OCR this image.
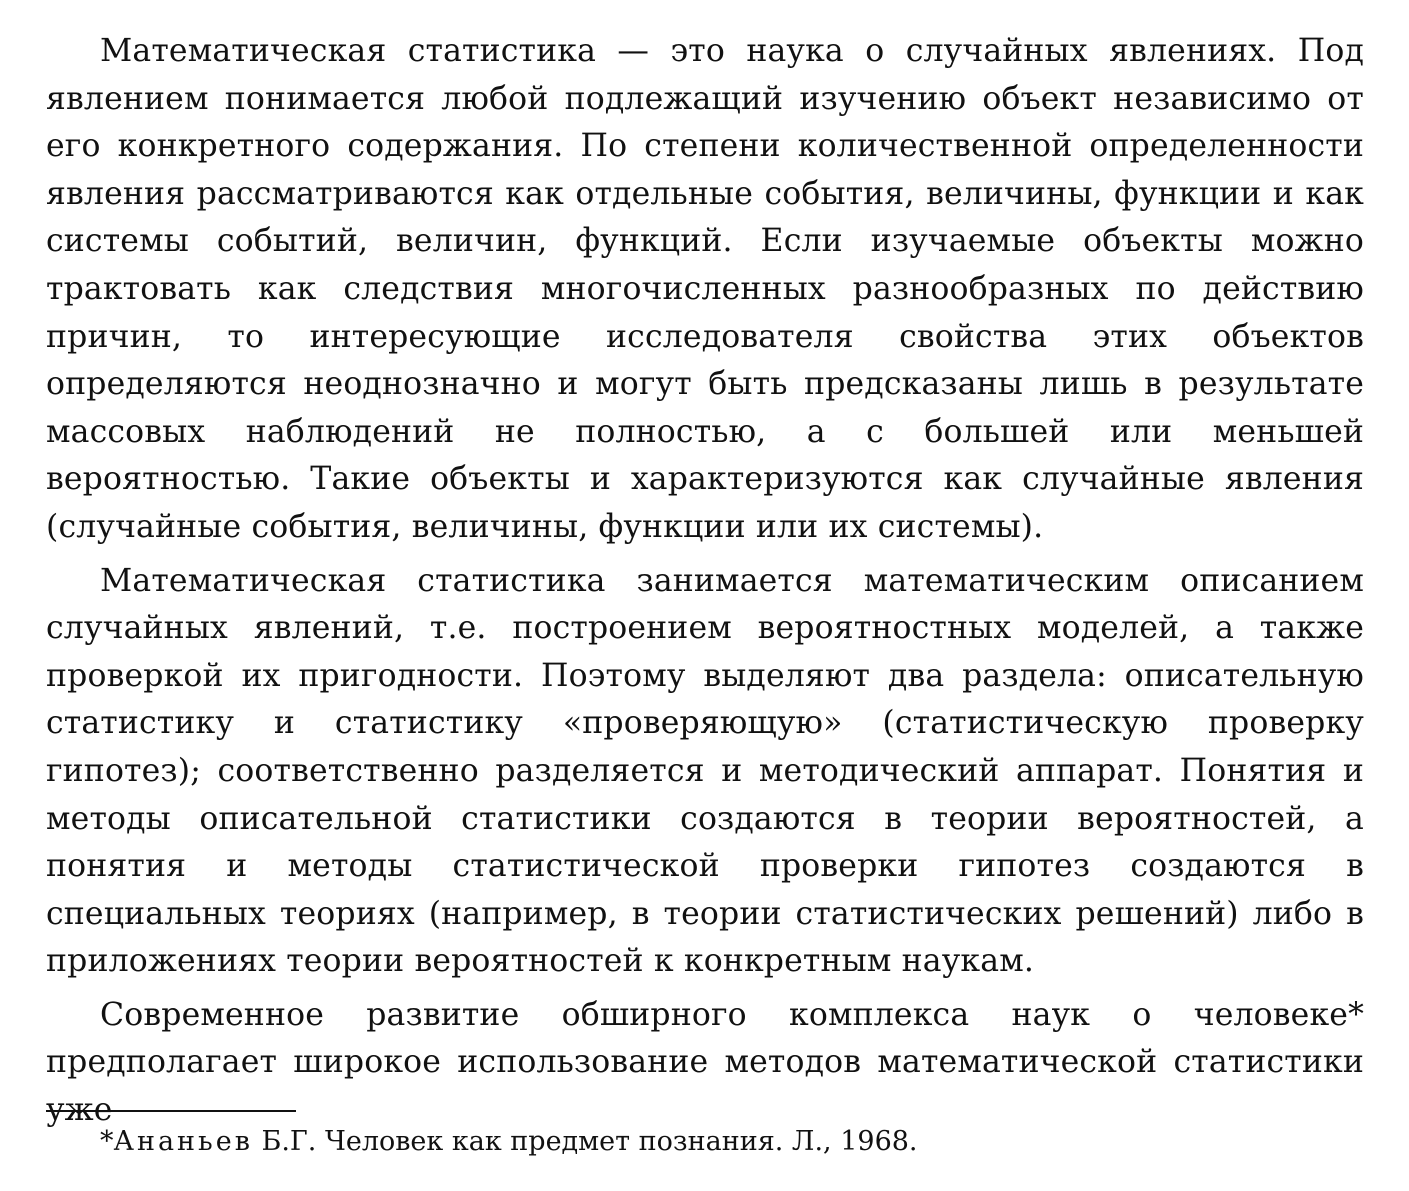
Математическая статистика — это наука о случайных явлениях. Под явлением понимается любой подлежащий изучению объект независимо от его конкретного содержания. По степени количественной определенности явления рассматриваются как отдельные события, величины, функции и как системы событий, величин, функций. Если изучаемые объекты можно трактовать как следствия многочисленных разнообразных по действию причин, то интересующие исследователя свойства этих объектов определяются неоднозначно и могут быть предсказаны лишь в результате массовых наблюдений не полностью, а с большей или меньшей вероятностью. Такие объекты и характеризуются как случайные явления (случайные события, величины, функции или их системы).

Математическая статистика занимается математическим описанием случайных явлений, т.е. построением вероятностных моделей, а также проверкой их пригодности. Поэтому выделяют два раздела: описательную статистику и статистику «проверяющую» (статистическую проверку гипотез); соответственно разделяется и методический аппарат. Понятия и методы описательной статистики создаются в теории вероятностей, а понятия и методы статистической проверки гипотез создаются в специальных теориях (например, в теории статистических решений) либо в приложениях теории вероятностей к конкретным наукам.

Современное развитие обширного комплекса наук о человеке* предполагает широкое использование методов математической статистики уже

*Ананьев Б.Г. Человек как предмет познания. Л., 1968.
